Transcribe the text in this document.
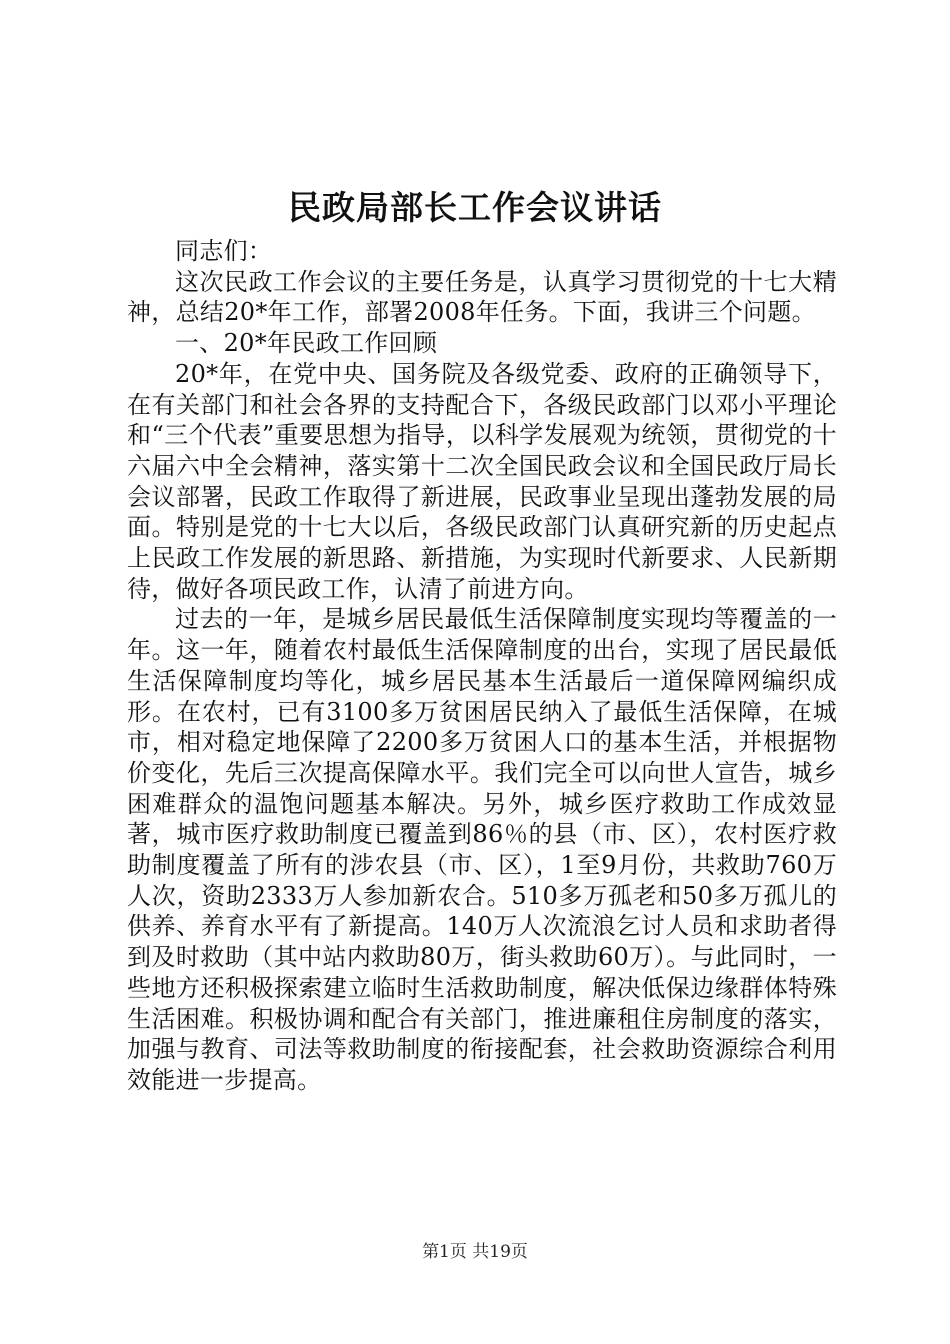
民政局部长工作会议讲话

同志们：

这次民政工作会议的主要任务是，认真学习贯彻党的十七大精神，总结20*年工作，部署2008年任务。下面，我讲三个问题。

一、20*年民政工作回顾

20*年，在党中央、国务院及各级党委、政府的正确领导下，在有关部门和社会各界的支持配合下，各级民政部门以邓小平理论和“三个代表”重要思想为指导，以科学发展观为统领，贯彻党的十六届六中全会精神，落实第十二次全国民政会议和全国民政厅局长会议部署，民政工作取得了新进展，民政事业呈现出蓬勃发展的局面。特别是党的十七大以后，各级民政部门认真研究新的历史起点上民政工作发展的新思路、新措施，为实现时代新要求、人民新期待，做好各项民政工作，认清了前进方向。

过去的一年，是城乡居民最低生活保障制度实现均等覆盖的一年。这一年，随着农村最低生活保障制度的出台，实现了居民最低生活保障制度均等化，城乡居民基本生活最后一道保障网编织成形。在农村，已有3100多万贫困居民纳入了最低生活保障，在城市，相对稳定地保障了2200多万贫困人口的基本生活，并根据物价变化，先后三次提高保障水平。我们完全可以向世人宣告，城乡困难群众的温饱问题基本解决。另外，城乡医疗救助工作成效显著，城市医疗救助制度已覆盖到86％的县（市、区），农村医疗救助制度覆盖了所有的涉农县（市、区），1至9月份，共救助760万人次，资助2333万人参加新农合。510多万孤老和50多万孤儿的供养、养育水平有了新提高。140万人次流浪乞讨人员和求助者得到及时救助（其中站内救助80万，街头救助60万）。与此同时，一些地方还积极探索建立临时生活救助制度，解决低保边缘群体特殊生活困难。积极协调和配合有关部门，推进廉租住房制度的落实，加强与教育、司法等救助制度的衔接配套，社会救助资源综合利用效能进一步提高。

第1页 共19页
